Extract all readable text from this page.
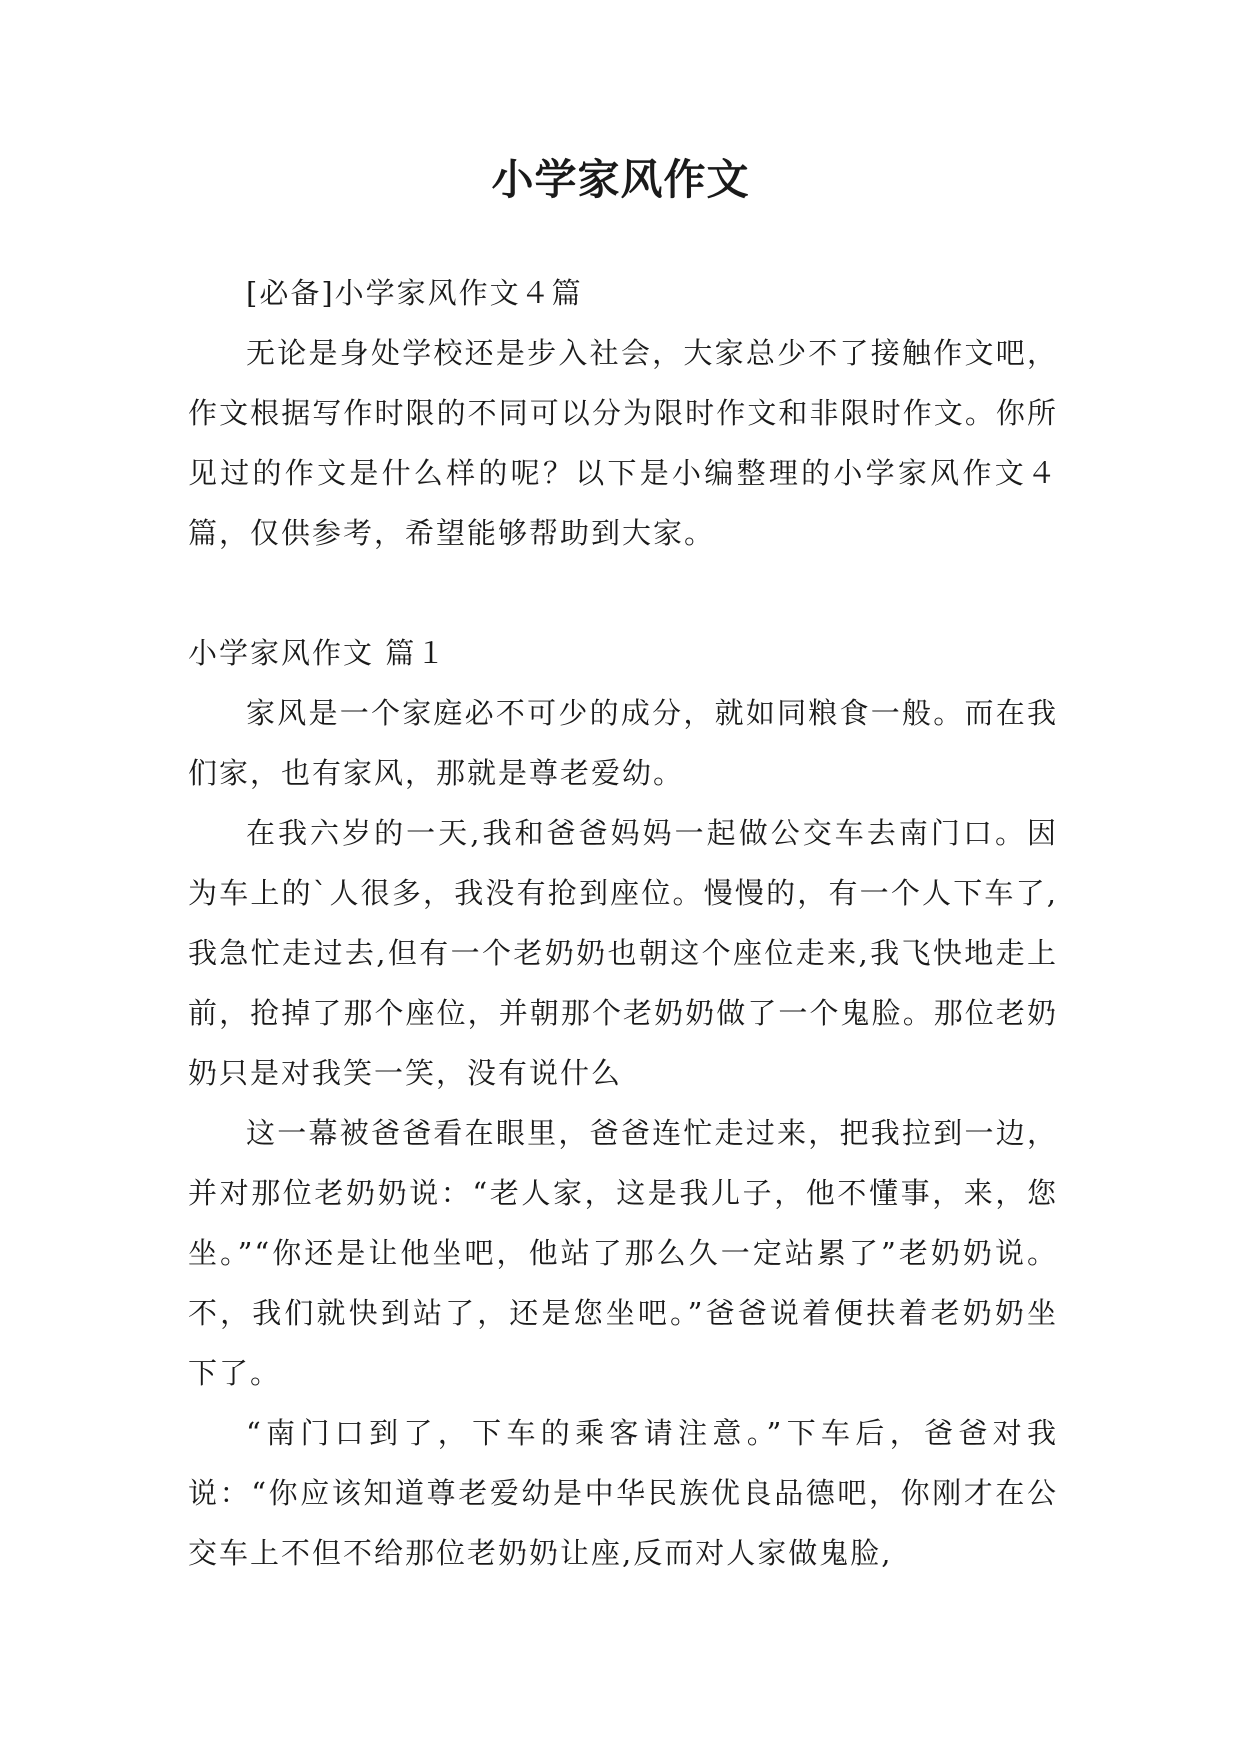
小学家风作文

[必备]小学家风作文４篇

无论是身处学校还是步入社会，大家总少不了接触作文吧，作文根据写作时限的不同可以分为限时作文和非限时作文。你所见过的作文是什么样的呢？以下是小编整理的小学家风作文４篇，仅供参考，希望能够帮助到大家。

小学家风作文 篇１

家风是一个家庭必不可少的成分，就如同粮食一般。而在我们家，也有家风，那就是尊老爱幼。

在我六岁的一天,我和爸爸妈妈一起做公交车去南门口。因为车上的`人很多，我没有抢到座位。慢慢的，有一个人下车了,我急忙走过去,但有一个老奶奶也朝这个座位走来,我飞快地走上前，抢掉了那个座位，并朝那个老奶奶做了一个鬼脸。那位老奶奶只是对我笑一笑，没有说什么

这一幕被爸爸看在眼里，爸爸连忙走过来，把我拉到一边，并对那位老奶奶说：“老人家，这是我儿子，他不懂事，来，您坐。”“你还是让他坐吧，他站了那么久一定站累了”老奶奶说。不，我们就快到站了，还是您坐吧。”爸爸说着便扶着老奶奶坐下了。

“南门口到了，下车的乘客请注意。”下车后，爸爸对我说：“你应该知道尊老爱幼是中华民族优良品德吧，你刚才在公交车上不但不给那位老奶奶让座,反而对人家做鬼脸,
